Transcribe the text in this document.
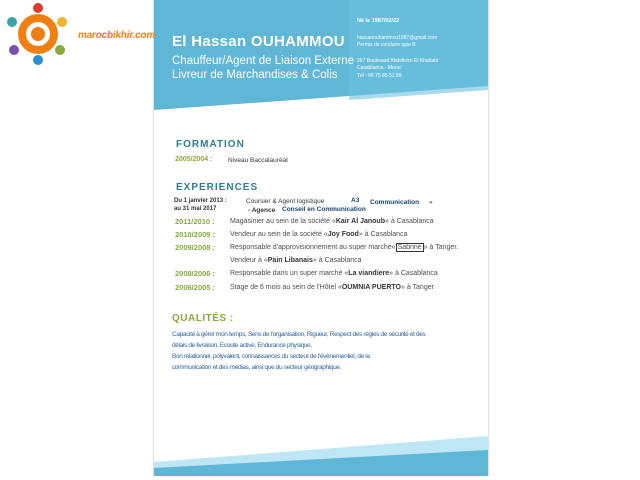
marocbikhir.com El Hassan OUHAMMOU
Chauffeur/Agent de Liaison Externe
Livreur de Marchandises & Colis
Né le 1987/02/22
hassanouhammou1987@gmail.com
Permis de conduire type B
267 Boulevard Abdelkrim El Khattabi
Casablanca - Maroc
Tél : 06 75 85 51 89
FORMATION
2005/2004 : Niveau Baccalauréat
EXPERIENCES
Du 1 janvier 2013 :
au 31 mai 2017
Coursier & Agent logistique	A3 Communication »
- Agence Conseil en Communication
2011/2010 : Magasinier au sein de la société «Kair Al Janoub» à Casablanca
2010/2009 : Vendeur au sein de la société «Joy Food» à Casablanca
2009/2008 : Responsable d'approvisionnement au super marché« Sabrine » à Tanger.
Vendeur à «Pain Libanais» à Casablanca
2008/2006 : Responsable dans un super marché «La viandiere» à Casablanca
2006/2005 : Stage de 6 mois au sein de l'Hôtel «OUMNIA PUERTO» à Tanger
QUALITÉS :
Capacité à gérer mon temps, Sens de l'organisation, Rigueur, Respect des règles de sécurité et des
délais de livraison, Ecoute active, Endurance physique,
Bon relationnel, polyvalent, connaissances du secteur de l'évènementiel, de la
communication et des médias, ainsi que du secteur géographique.
